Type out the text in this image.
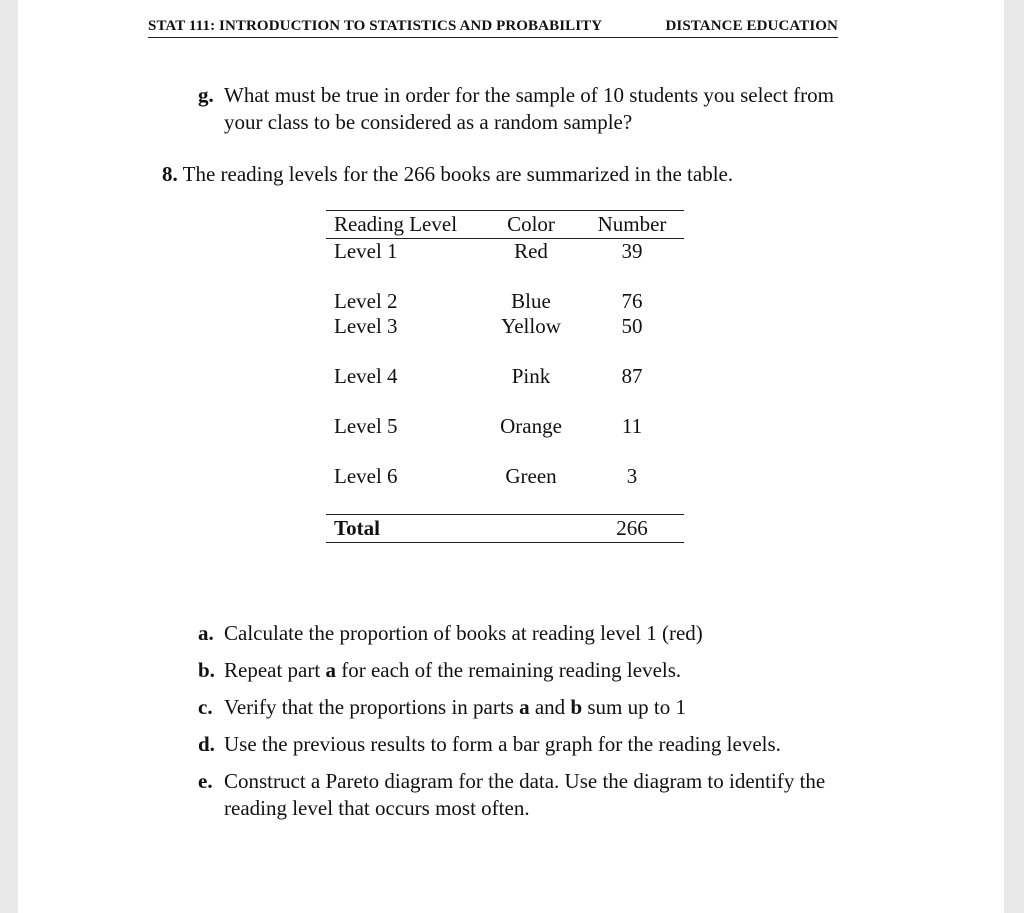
STAT 111: INTRODUCTION TO STATISTICS AND PROBABILITY	DISTANCE EDUCATION
g. What must be true in order for the sample of 10 students you select from your class to be considered as a random sample?
8. The reading levels for the 266 books are summarized in the table.
Reading Level	Color	Number
Level 1	Red	39
Level 2	Blue	76
Level 3	Yellow	50
Level 4	Pink	87
Level 5	Orange	11
Level 6	Green	3
Total		266
a. Calculate the proportion of books at reading level 1 (red)
b. Repeat part a for each of the remaining reading levels.
c. Verify that the proportions in parts a and b sum up to 1
d. Use the previous results to form a bar graph for the reading levels.
e. Construct a Pareto diagram for the data. Use the diagram to identify the reading level that occurs most often.
